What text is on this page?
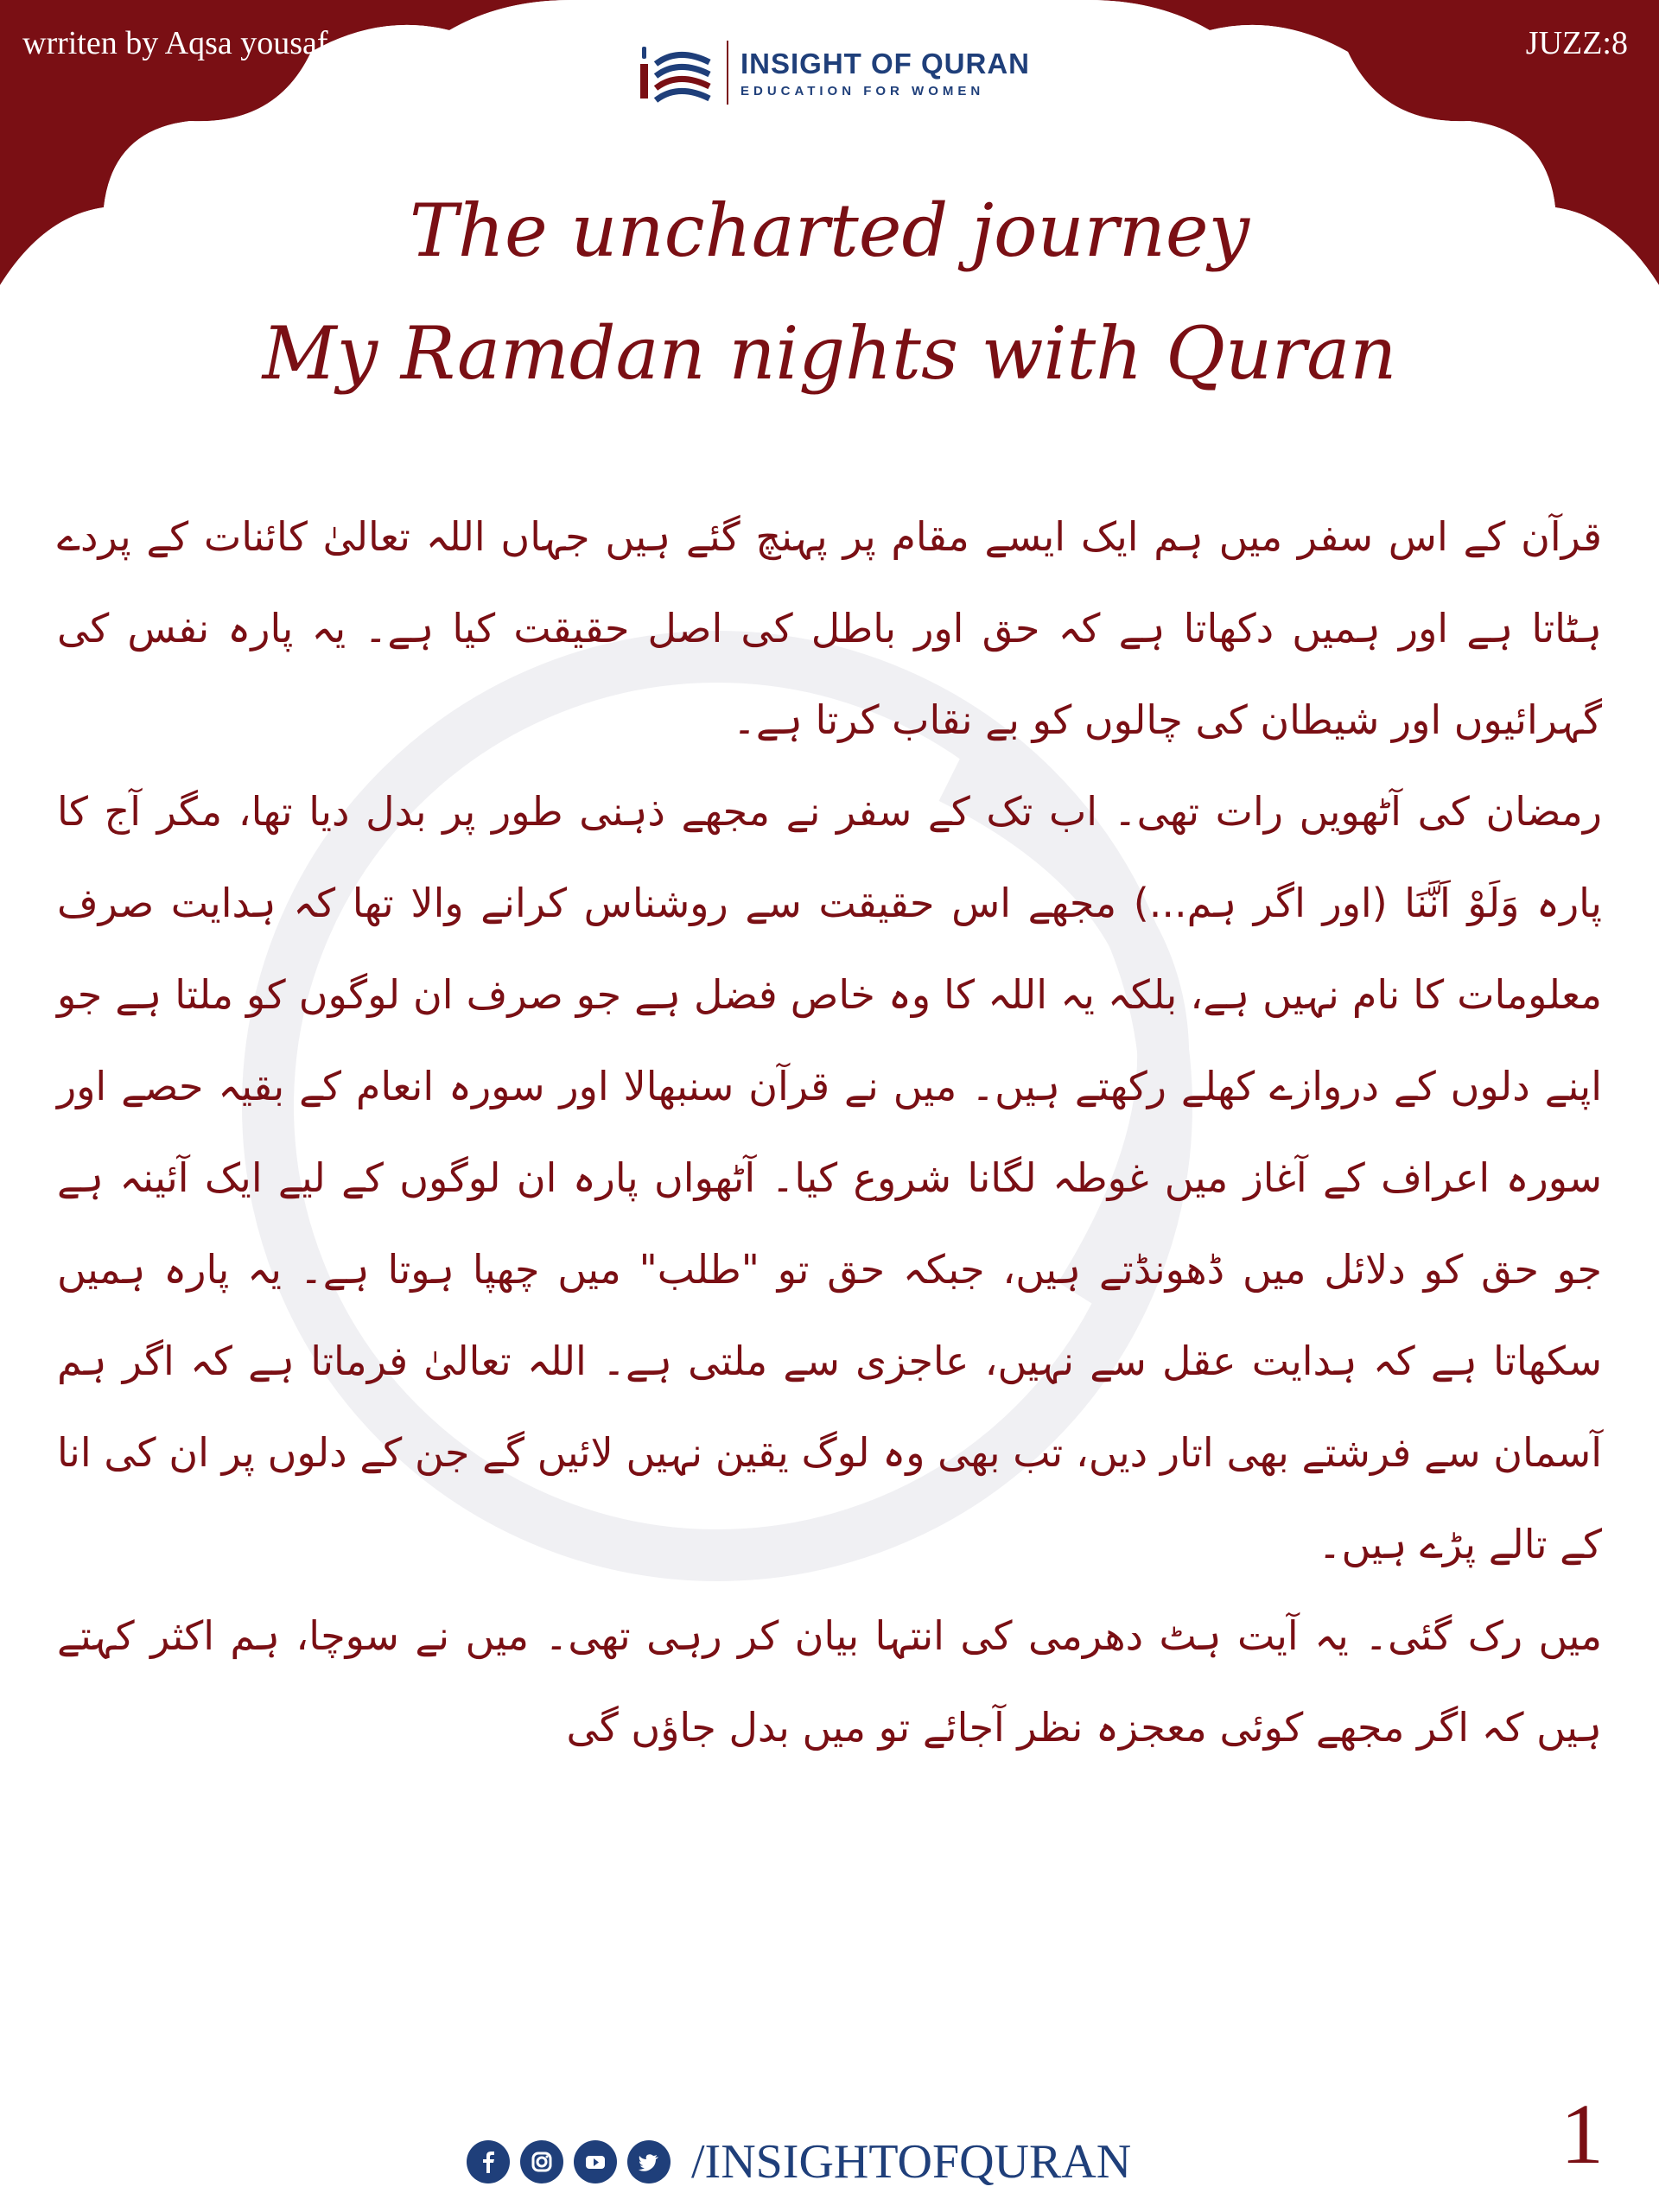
wrriten by Aqsa yousaf	JUZZ:8
INSIGHT OF QURAN
EDUCATION FOR WOMEN
The uncharted journey
My Ramdan nights with Quran

قرآن کے اس سفر میں ہم ایک ایسے مقام پر پہنچ گئے ہیں جہاں اللہ تعالیٰ کائنات کے پردے ہٹاتا ہے اور ہمیں دکھاتا ہے کہ حق اور باطل کی اصل حقیقت کیا ہے۔ یہ پارہ نفس کی گہرائیوں اور شیطان کی چالوں کو بے نقاب کرتا ہے۔

رمضان کی آٹھویں رات تھی۔ اب تک کے سفر نے مجھے ذہنی طور پر بدل دیا تھا، مگر آج کا پارہ وَلَوْ اَنَّنَا (اور اگر ہم...) مجھے اس حقیقت سے روشناس کرانے والا تھا کہ ہدایت صرف معلومات کا نام نہیں ہے، بلکہ یہ اللہ کا وہ خاص فضل ہے جو صرف ان لوگوں کو ملتا ہے جو اپنے دلوں کے دروازے کھلے رکھتے ہیں۔ میں نے قرآن سنبھالا اور سورہ انعام کے بقیہ حصے اور سورہ اعراف کے آغاز میں غوطہ لگانا شروع کیا۔ آٹھواں پارہ ان لوگوں کے لیے ایک آئینہ ہے جو حق کو دلائل میں ڈھونڈتے ہیں، جبکہ حق تو "طلب" میں چھپا ہوتا ہے۔ یہ پارہ ہمیں سکھاتا ہے کہ ہدایت عقل سے نہیں، عاجزی سے ملتی ہے۔ اللہ تعالیٰ فرماتا ہے کہ اگر ہم آسمان سے فرشتے بھی اتار دیں، تب بھی وہ لوگ یقین نہیں لائیں گے جن کے دلوں پر ان کی انا کے تالے پڑے ہیں۔

میں رک گئی۔ یہ آیت ہٹ دھرمی کی انتہا بیان کر رہی تھی۔ میں نے سوچا، ہم اکثر کہتے ہیں کہ اگر مجھے کوئی معجزہ نظر آجائے تو میں بدل جاؤں گی

1
/INSIGHTOFQURAN
